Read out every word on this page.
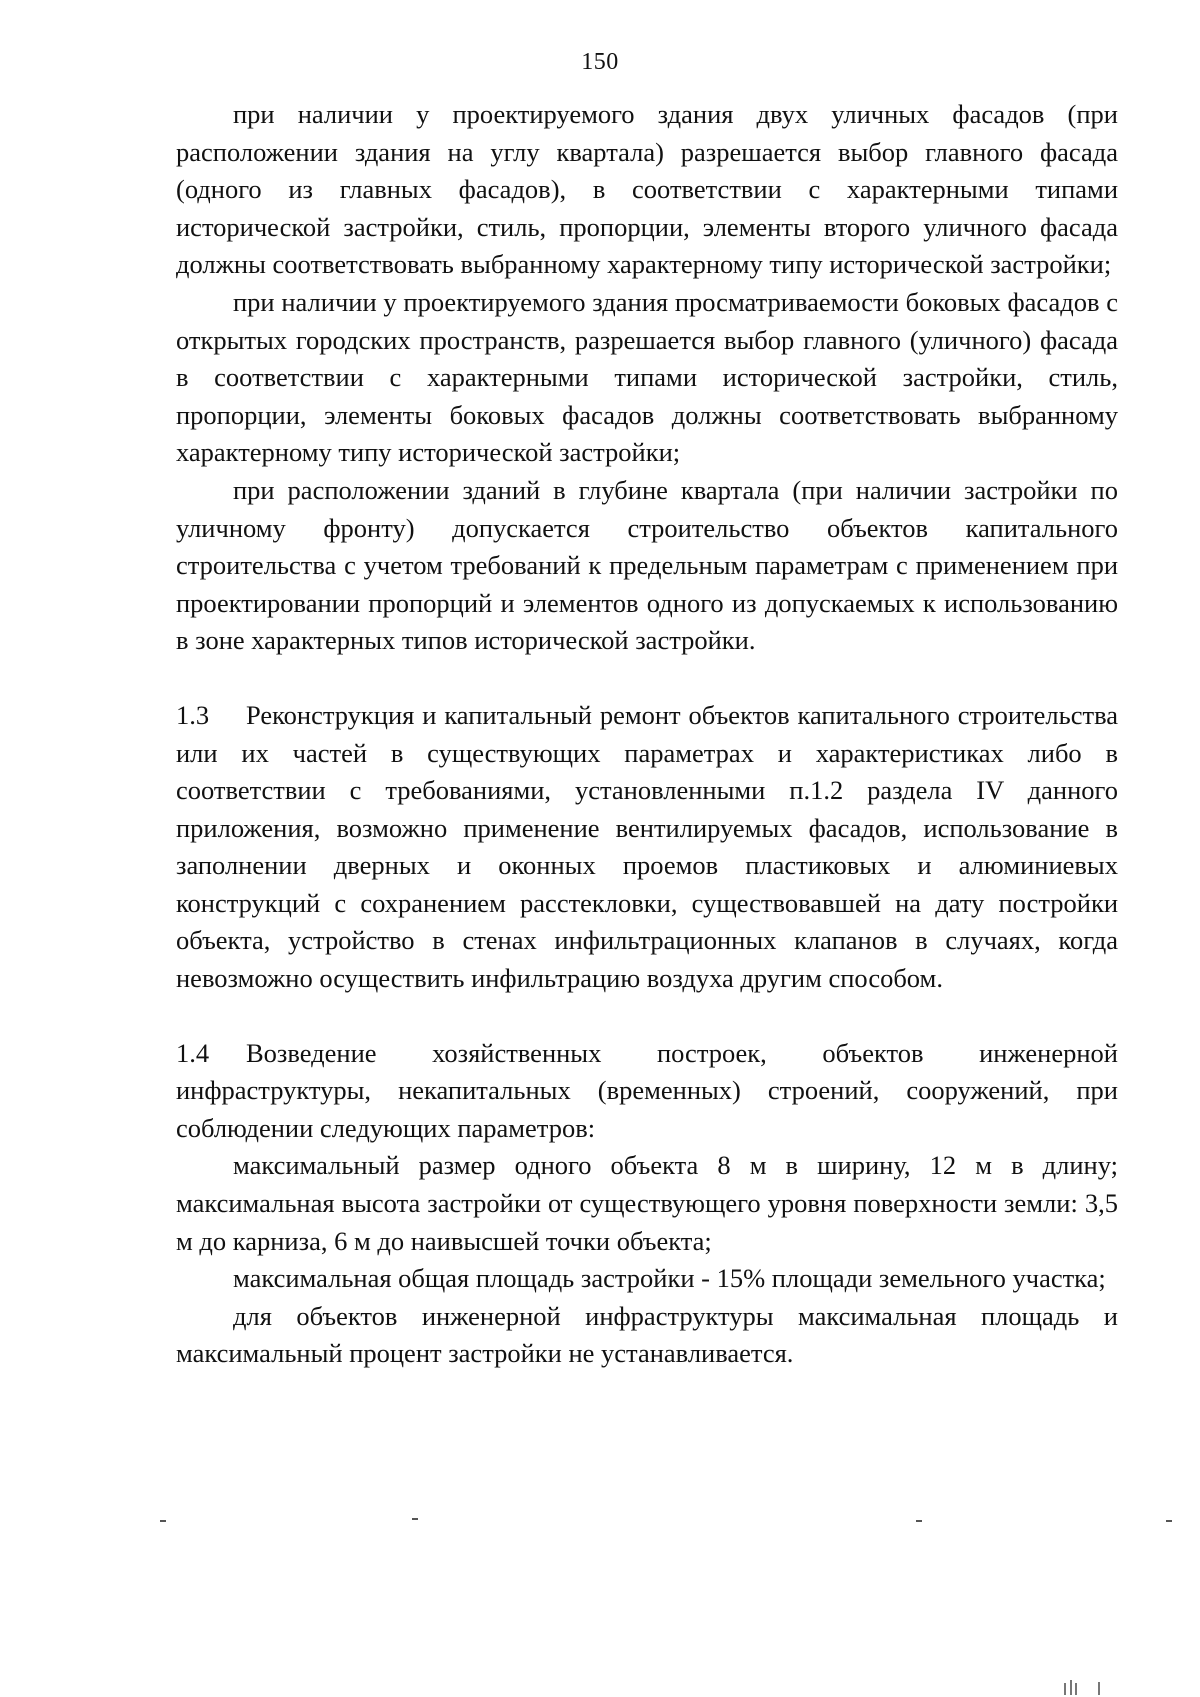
150

при наличии у проектируемого здания двух уличных фасадов (при расположении здания на углу квартала) разрешается выбор главного фасада (одного из главных фасадов), в соответствии с характерными типами исторической застройки, стиль, пропорции, элементы второго уличного фасада должны соответствовать выбранному характерному типу исторической застройки;

при наличии у проектируемого здания просматриваемости боковых фасадов с открытых городских пространств, разрешается выбор главного (уличного) фасада в соответствии с характерными типами исторической застройки, стиль, пропорции, элементы боковых фасадов должны соответствовать выбранному характерному типу исторической застройки;

при расположении зданий в глубине квартала (при наличии застройки по уличному фронту) допускается строительство объектов капитального строительства с учетом требований к предельным параметрам с применением при проектировании пропорций и элементов одного из допускаемых к использованию в зоне характерных типов исторической застройки.

1.3 Реконструкция и капитальный ремонт объектов капитального строительства или их частей в существующих параметрах и характеристиках либо в соответствии с требованиями, установленными п.1.2 раздела IV данного приложения, возможно применение вентилируемых фасадов, использование в заполнении дверных и оконных проемов пластиковых и алюминиевых конструкций с сохранением расстекловки, существовавшей на дату постройки объекта, устройство в стенах инфильтрационных клапанов в случаях, когда невозможно осуществить инфильтрацию воздуха другим способом.

1.4 Возведение хозяйственных построек, объектов инженерной инфраструктуры, некапитальных (временных) строений, сооружений, при соблюдении следующих параметров:

максимальный размер одного объекта 8 м в ширину, 12 м в длину; максимальная высота застройки от существующего уровня поверхности земли: 3,5 м до карниза, 6 м до наивысшей точки объекта;

максимальная общая площадь застройки - 15% площади земельного участка;

для объектов инженерной инфраструктуры максимальная площадь и максимальный процент застройки не устанавливается.
